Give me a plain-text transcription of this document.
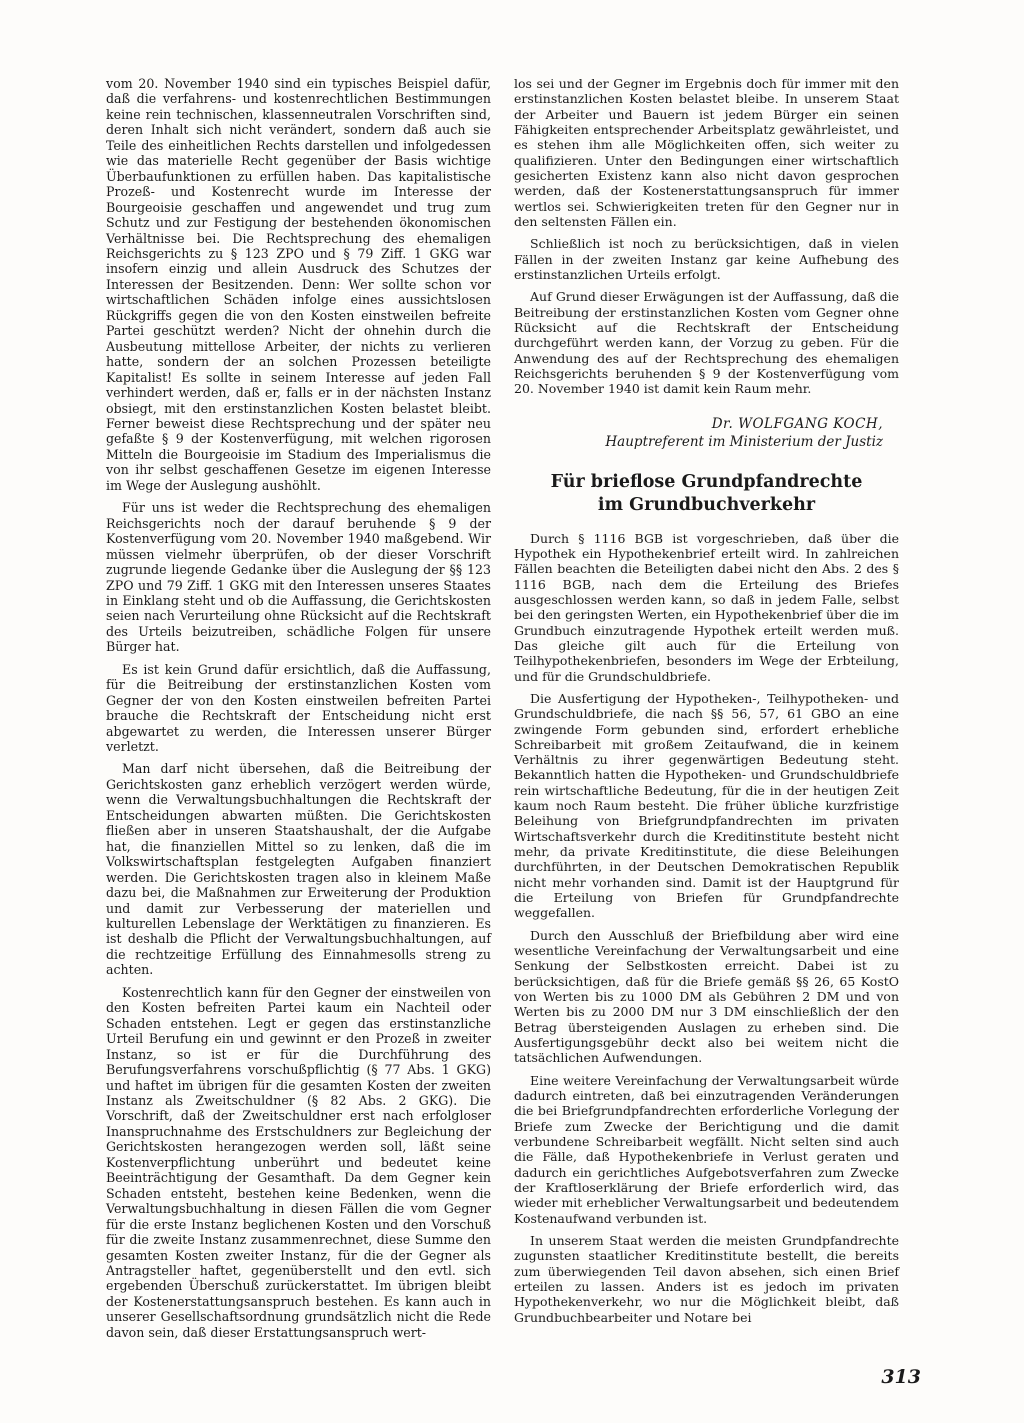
vom 20. November 1940 sind ein typisches Beispiel dafür, daß die verfahrens- und kostenrechtlichen Bestimmungen keine rein technischen, klassenneutralen Vorschriften sind, deren Inhalt sich nicht verändert, sondern daß auch sie Teile des einheitlichen Rechts darstellen und infolgedessen wie das materielle Recht gegenüber der Basis wichtige Überbaufunktionen zu erfüllen haben. Das kapitalistische Prozeß- und Kostenrecht wurde im Interesse der Bourgeoisie geschaffen und angewendet und trug zum Schutz und zur Festigung der bestehenden ökonomischen Verhältnisse bei. Die Rechtsprechung des ehemaligen Reichsgerichts zu § 123 ZPO und § 79 Ziff. 1 GKG war insofern einzig und allein Ausdruck des Schutzes der Interessen der Besitzenden. Denn: Wer sollte schon vor wirtschaftlichen Schäden infolge eines aussichtslosen Rückgriffs gegen die von den Kosten einstweilen befreite Partei geschützt werden? Nicht der ohnehin durch die Ausbeutung mittellose Arbeiter, der nichts zu verlieren hatte, sondern der an solchen Prozessen beteiligte Kapitalist! Es sollte in seinem Interesse auf jeden Fall verhindert werden, daß er, falls er in der nächsten Instanz obsiegt, mit den erstinstanzlichen Kosten belastet bleibt. Ferner beweist diese Rechtsprechung und der später neu gefaßte § 9 der Kostenverfügung, mit welchen rigorosen Mitteln die Bourgeoisie im Stadium des Imperialismus die von ihr selbst geschaffenen Gesetze im eigenen Interesse im Wege der Auslegung aushöhlt.

Für uns ist weder die Rechtsprechung des ehemaligen Reichsgerichts noch der darauf beruhende § 9 der Kostenverfügung vom 20. November 1940 maßgebend. Wir müssen vielmehr überprüfen, ob der dieser Vorschrift zugrunde liegende Gedanke über die Auslegung der §§ 123 ZPO und 79 Ziff. 1 GKG mit den Interessen unseres Staates in Einklang steht und ob die Auffassung, die Gerichtskosten seien nach Verurteilung ohne Rücksicht auf die Rechtskraft des Urteils beizutreiben, schädliche Folgen für unsere Bürger hat.

Es ist kein Grund dafür ersichtlich, daß die Auffassung, für die Beitreibung der erstinstanzlichen Kosten vom Gegner der von den Kosten einstweilen befreiten Partei brauche die Rechtskraft der Entscheidung nicht erst abgewartet zu werden, die Interessen unserer Bürger verletzt.

Man darf nicht übersehen, daß die Beitreibung der Gerichtskosten ganz erheblich verzögert werden würde, wenn die Verwaltungsbuchhaltungen die Rechtskraft der Entscheidungen abwarten müßten. Die Gerichtskosten fließen aber in unseren Staatshaushalt, der die Aufgabe hat, die finanziellen Mittel so zu lenken, daß die im Volkswirtschaftsplan festgelegten Aufgaben finanziert werden. Die Gerichtskosten tragen also in kleinem Maße dazu bei, die Maßnahmen zur Erweiterung der Produktion und damit zur Verbesserung der materiellen und kulturellen Lebenslage der Werktätigen zu finanzieren. Es ist deshalb die Pflicht der Verwaltungsbuchhaltungen, auf die rechtzeitige Erfüllung des Einnahmesolls streng zu achten.

Kostenrechtlich kann für den Gegner der einstweilen von den Kosten befreiten Partei kaum ein Nachteil oder Schaden entstehen. Legt er gegen das erstinstanzliche Urteil Berufung ein und gewinnt er den Prozeß in zweiter Instanz, so ist er für die Durchführung des Berufungsverfahrens vorschußpflichtig (§ 77 Abs. 1 GKG) und haftet im übrigen für die gesamten Kosten der zweiten Instanz als Zweitschuldner (§ 82 Abs. 2 GKG). Die Vorschrift, daß der Zweitschuldner erst nach erfolgloser Inanspruchnahme des Erstschuldners zur Begleichung der Gerichtskosten herangezogen werden soll, läßt seine Kostenverpflichtung unberührt und bedeutet keine Beeinträchtigung der Gesamthaft. Da dem Gegner kein Schaden entsteht, bestehen keine Bedenken, wenn die Verwaltungsbuchhaltung in diesen Fällen die vom Gegner für die erste Instanz beglichenen Kosten und den Vorschuß für die zweite Instanz zusammenrechnet, diese Summe den gesamten Kosten zweiter Instanz, für die der Gegner als Antragsteller haftet, gegenüberstellt und den evtl. sich ergebenden Überschuß zurückerstattet. Im übrigen bleibt der Kostenerstattungsanspruch bestehen. Es kann auch in unserer Gesellschaftsordnung grundsätzlich nicht die Rede davon sein, daß dieser Erstattungsanspruch wert-

los sei und der Gegner im Ergebnis doch für immer mit den erstinstanzlichen Kosten belastet bleibe. In unserem Staat der Arbeiter und Bauern ist jedem Bürger ein seinen Fähigkeiten entsprechender Arbeitsplatz gewährleistet, und es stehen ihm alle Möglichkeiten offen, sich weiter zu qualifizieren. Unter den Bedingungen einer wirtschaftlich gesicherten Existenz kann also nicht davon gesprochen werden, daß der Kostenerstattungsanspruch für immer wertlos sei. Schwierigkeiten treten für den Gegner nur in den seltensten Fällen ein.

Schließlich ist noch zu berücksichtigen, daß in vielen Fällen in der zweiten Instanz gar keine Aufhebung des erstinstanzlichen Urteils erfolgt.

Auf Grund dieser Erwägungen ist der Auffassung, daß die Beitreibung der erstinstanzlichen Kosten vom Gegner ohne Rücksicht auf die Rechtskraft der Entscheidung durchgeführt werden kann, der Vorzug zu geben. Für die Anwendung des auf der Rechtsprechung des ehemaligen Reichsgerichts beruhenden § 9 der Kostenverfügung vom 20. November 1940 ist damit kein Raum mehr.

Dr. WOLFGANG KOCH,
Hauptreferent im Ministerium der Justiz
Für brieflose Grundpfandrechte
im Grundbuchverkehr

Durch § 1116 BGB ist vorgeschrieben, daß über die Hypothek ein Hypothekenbrief erteilt wird. In zahlreichen Fällen beachten die Beteiligten dabei nicht den Abs. 2 des § 1116 BGB, nach dem die Erteilung des Briefes ausgeschlossen werden kann, so daß in jedem Falle, selbst bei den geringsten Werten, ein Hypothekenbrief über die im Grundbuch einzutragende Hypothek erteilt werden muß. Das gleiche gilt auch für die Erteilung von Teilhypothekenbriefen, besonders im Wege der Erbteilung, und für die Grundschuldbriefe.

Die Ausfertigung der Hypotheken-, Teilhypotheken- und Grundschuldbriefe, die nach §§ 56, 57, 61 GBO an eine zwingende Form gebunden sind, erfordert erhebliche Schreibarbeit mit großem Zeitaufwand, die in keinem Verhältnis zu ihrer gegenwärtigen Bedeutung steht. Bekanntlich hatten die Hypotheken- und Grundschuldbriefe rein wirtschaftliche Bedeutung, für die in der heutigen Zeit kaum noch Raum besteht. Die früher übliche kurzfristige Beleihung von Briefgrundpfandrechten im privaten Wirtschaftsverkehr durch die Kreditinstitute besteht nicht mehr, da private Kreditinstitute, die diese Beleihungen durchführten, in der Deutschen Demokratischen Republik nicht mehr vorhanden sind. Damit ist der Hauptgrund für die Erteilung von Briefen für Grundpfandrechte weggefallen.

Durch den Ausschluß der Briefbildung aber wird eine wesentliche Vereinfachung der Verwaltungsarbeit und eine Senkung der Selbstkosten erreicht. Dabei ist zu berücksichtigen, daß für die Briefe gemäß §§ 26, 65 KostO von Werten bis zu 1000 DM als Gebühren 2 DM und von Werten bis zu 2000 DM nur 3 DM einschließlich der den Betrag übersteigenden Auslagen zu erheben sind. Die Ausfertigungsgebühr deckt also bei weitem nicht die tatsächlichen Aufwendungen.

Eine weitere Vereinfachung der Verwaltungsarbeit würde dadurch eintreten, daß bei einzutragenden Veränderungen die bei Briefgrundpfandrechten erforderliche Vorlegung der Briefe zum Zwecke der Berichtigung und die damit verbundene Schreibarbeit wegfällt. Nicht selten sind auch die Fälle, daß Hypothekenbriefe in Verlust geraten und dadurch ein gerichtliches Aufgebotsverfahren zum Zwecke der Kraftloserklärung der Briefe erforderlich wird, das wieder mit erheblicher Verwaltungsarbeit und bedeutendem Kostenaufwand verbunden ist.

In unserem Staat werden die meisten Grundpfandrechte zugunsten staatlicher Kreditinstitute bestellt, die bereits zum überwiegenden Teil davon absehen, sich einen Brief erteilen zu lassen. Anders ist es jedoch im privaten Hypothekenverkehr, wo nur die Möglichkeit bleibt, daß Grundbuchbearbeiter und Notare bei

313
